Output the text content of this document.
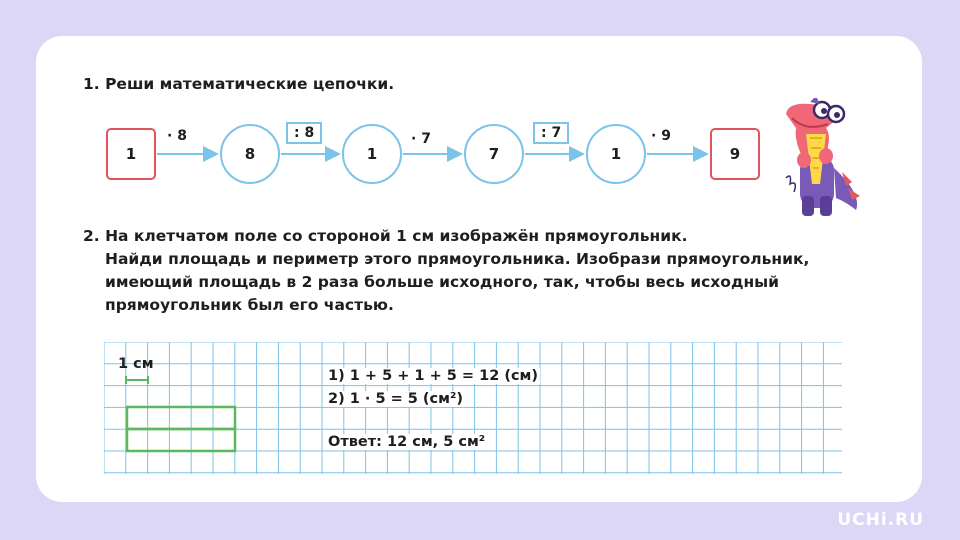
1. Реши математические цепочки.
1	8	1	7	1	9
· 8	: 8	· 7	: 7	· 9
2. На клетчатом поле со стороной 1 см изображён прямоугольник.
Найди площадь и периметр этого прямоугольника. Изобрази прямоугольник,
имеющий площадь в 2 раза больше исходного, так, чтобы весь исходный
прямоугольник был его частью.
1 см
1) 1 + 5 + 1 + 5 = 12 (см)
2) 1 · 5 = 5 (см²)
Ответ: 12 см, 5 см²
UCHi.RU
